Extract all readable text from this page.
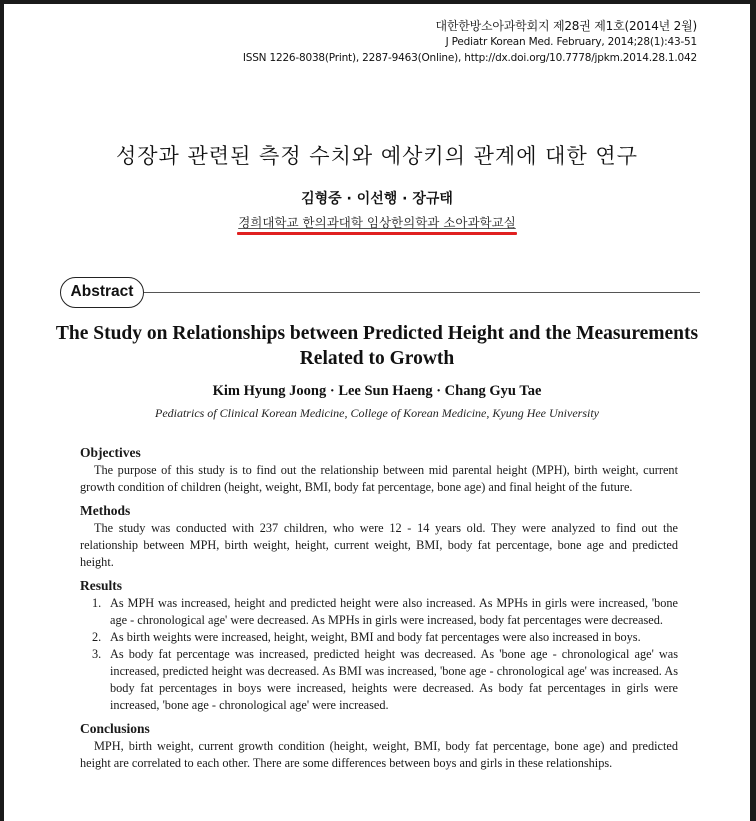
대한한방소아과학회지 제28권 제1호(2014년 2월)
J Pediatr Korean Med. February, 2014;28(1):43-51
ISSN 1226-8038(Print), 2287-9463(Online), http://dx.doi.org/10.7778/jpkm.2014.28.1.042
성장과 관련된 측정 수치와 예상키의 관계에 대한 연구
김형중 · 이선행 · 장규태
경희대학교 한의과대학 임상한의학과 소아과학교실
Abstract
The Study on Relationships between Predicted Height and the Measurements
Related to Growth
Kim Hyung Joong · Lee Sun Haeng · Chang Gyu Tae
Pediatrics of Clinical Korean Medicine, College of Korean Medicine, Kyung Hee University
Objectives

The purpose of this study is to find out the relationship between mid parental height (MPH), birth weight, current growth condition of children (height, weight, BMI, body fat percentage, bone age) and final height of the future.

Methods

The study was conducted with 237 children, who were 12 - 14 years old. They were analyzed to find out the relationship between MPH, birth weight, height, current weight, BMI, body fat percentage, bone age and predicted height.

Results
1. As MPH was increased, height and predicted height were also increased. As MPHs in girls were increased, 'bone age - chronological age' were decreased. As MPHs in girls were increased, body fat percentages were decreased.
2. As birth weights were increased, height, weight, BMI and body fat percentages were also increased in boys.
3. As body fat percentage was increased, predicted height was decreased. As 'bone age - chronological age' was increased, predicted height was decreased. As BMI was increased, 'bone age - chronological age' was increased. As body fat percentages in boys were increased, heights were decreased. As body fat percentages in girls were increased, 'bone age - chronological age' were increased.
Conclusions

MPH, birth weight, current growth condition (height, weight, BMI, body fat percentage, bone age) and predicted height are correlated to each other. There are some differences between boys and girls in these relationships.
